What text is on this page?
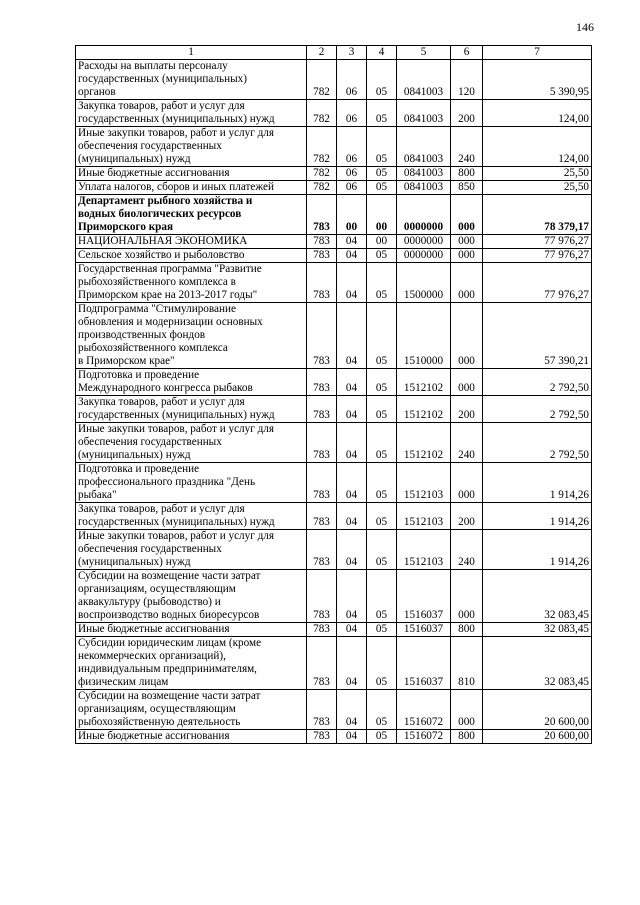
146
1	2	3	4	5	6	7

Расходы на выплаты персоналу
государственных (муниципальных)
органов	782	06	05	0841003	120	5 390,95

Закупка товаров, работ и услуг для
государственных (муниципальных) нужд	782	06	05	0841003	200	124,00

Иные закупки товаров, работ и услуг для
обеспечения государственных
(муниципальных) нужд	782	06	05	0841003	240	124,00

Иные бюджетные ассигнования	782	06	05	0841003	800	25,50

Уплата налогов, сборов и иных платежей	782	06	05	0841003	850	25,50

Департамент рыбного хозяйства и
водных биологических ресурсов
Приморского края	783	00	00	0000000	000	78 379,17

НАЦИОНАЛЬНАЯ ЭКОНОМИКА	783	04	00	0000000	000	77 976,27

Сельское хозяйство и рыболовство	783	04	05	0000000	000	77 976,27

Государственная программа "Развитие
рыбохозяйственного комплекса в
Приморском крае на 2013-2017 годы"	783	04	05	1500000	000	77 976,27

Подпрограмма "Стимулирование
обновления и модернизации основных
производственных фондов
рыбохозяйственного комплекса
в Приморском крае"	783	04	05	1510000	000	57 390,21

Подготовка и проведение
Международного конгресса рыбаков	783	04	05	1512102	000	2 792,50

Закупка товаров, работ и услуг для
государственных (муниципальных) нужд	783	04	05	1512102	200	2 792,50

Иные закупки товаров, работ и услуг для
обеспечения государственных
(муниципальных) нужд	783	04	05	1512102	240	2 792,50

Подготовка и проведение
профессионального праздника "День
рыбака"	783	04	05	1512103	000	1 914,26

Закупка товаров, работ и услуг для
государственных (муниципальных) нужд	783	04	05	1512103	200	1 914,26

Иные закупки товаров, работ и услуг для
обеспечения государственных
(муниципальных) нужд	783	04	05	1512103	240	1 914,26

Субсидии на возмещение части затрат
организациям, осуществляющим
аквакультуру (рыбоводство) и
воспроизводство водных биоресурсов	783	04	05	1516037	000	32 083,45

Иные бюджетные ассигнования	783	04	05	1516037	800	32 083,45

Субсидии юридическим лицам (кроме
некоммерческих организаций),
индивидуальным предпринимателям,
физическим лицам	783	04	05	1516037	810	32 083,45

Субсидии на возмещение части затрат
организациям, осуществляющим
рыбохозяйственную деятельность	783	04	05	1516072	000	20 600,00

Иные бюджетные ассигнования	783	04	05	1516072	800	20 600,00
